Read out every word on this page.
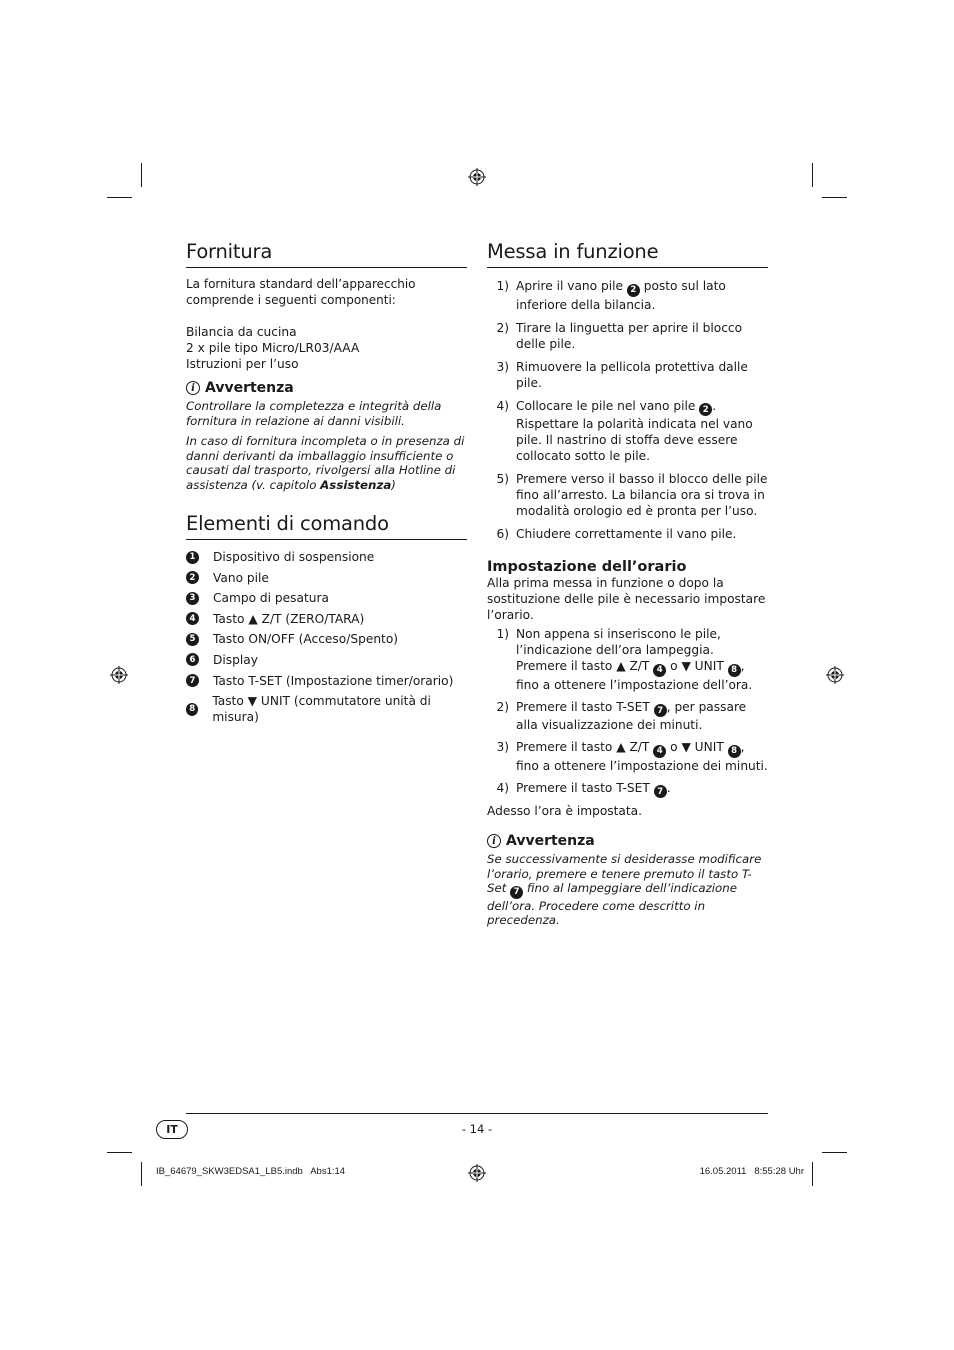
Fornitura

La fornitura standard dell’apparecchio comprende i seguenti componenti:

Bilancia da cucina

2 x pile tipo Micro/LR03/AAA

Istruzioni per l’uso

i Avvertenza

Controllare la completezza e integrità della fornitura in relazione ai danni visibili.

In caso di fornitura incompleta o in presenza di danni derivanti da imballaggio insufficiente o causati dal trasporto, rivolgersi alla Hotline di assistenza (v. capitolo Assistenza)

Elementi di comando
1 Dispositivo di sospensione
2 Vano pile
3 Campo di pesatura
4 Tasto ▲ Z/T (ZERO/TARA)
5 Tasto ON/OFF (Acceso/Spento)
6 Display
7 Tasto T-SET (Impostazione timer/orario)
8
Tasto ▼ UNIT (commutatore unità di misura)
Messa in funzione
1) Aprire il vano pile 2 posto sul lato inferiore della bilancia.
2) Tirare la linguetta per aprire il blocco delle pile.
3) Rimuovere la pellicola protettiva dalle pile.
4) Collocare le pile nel vano pile 2 . Rispettare la polarità indicata nel vano pile. Il nastrino di stoffa deve essere collocato sotto le pile.
5) Premere verso il basso il blocco delle pile fino all’arresto. La bilancia ora si trova in modalità orologio ed è pronta per l’uso.
6) Chiudere correttamente il vano pile.
Impostazione dell’orario

Alla prima messa in funzione o dopo la sostituzione delle pile è necessario impostare l’orario.

1) Non appena si inseriscono le pile, l’indicazione dell’ora lampeggia. Premere il tasto ▲ Z/T 4 o ▼ UNIT 8 , fino a ottenere l’impostazione dell’ora.
2) Premere il tasto T-SET 7 , per passare alla visualizzazione dei minuti.
3) Premere il tasto ▲ Z/T 4 o ▼ UNIT 8 , fino a ottenere l’impostazione dei minuti.
4) Premere il tasto T-SET 7 .

Adesso l’ora è impostata.

i Avvertenza

Se successivamente si desiderasse modificare l’orario, premere e tenere premuto il tasto T-Set 7 fino al lampeggiare dell’indicazione dell’ora. Procedere come descritto in precedenza.

IT	- 14 -
IB_64679_SKW3EDSA1_LB5.indb   Abs1:14	16.05.2011   8:55:28 Uhr
